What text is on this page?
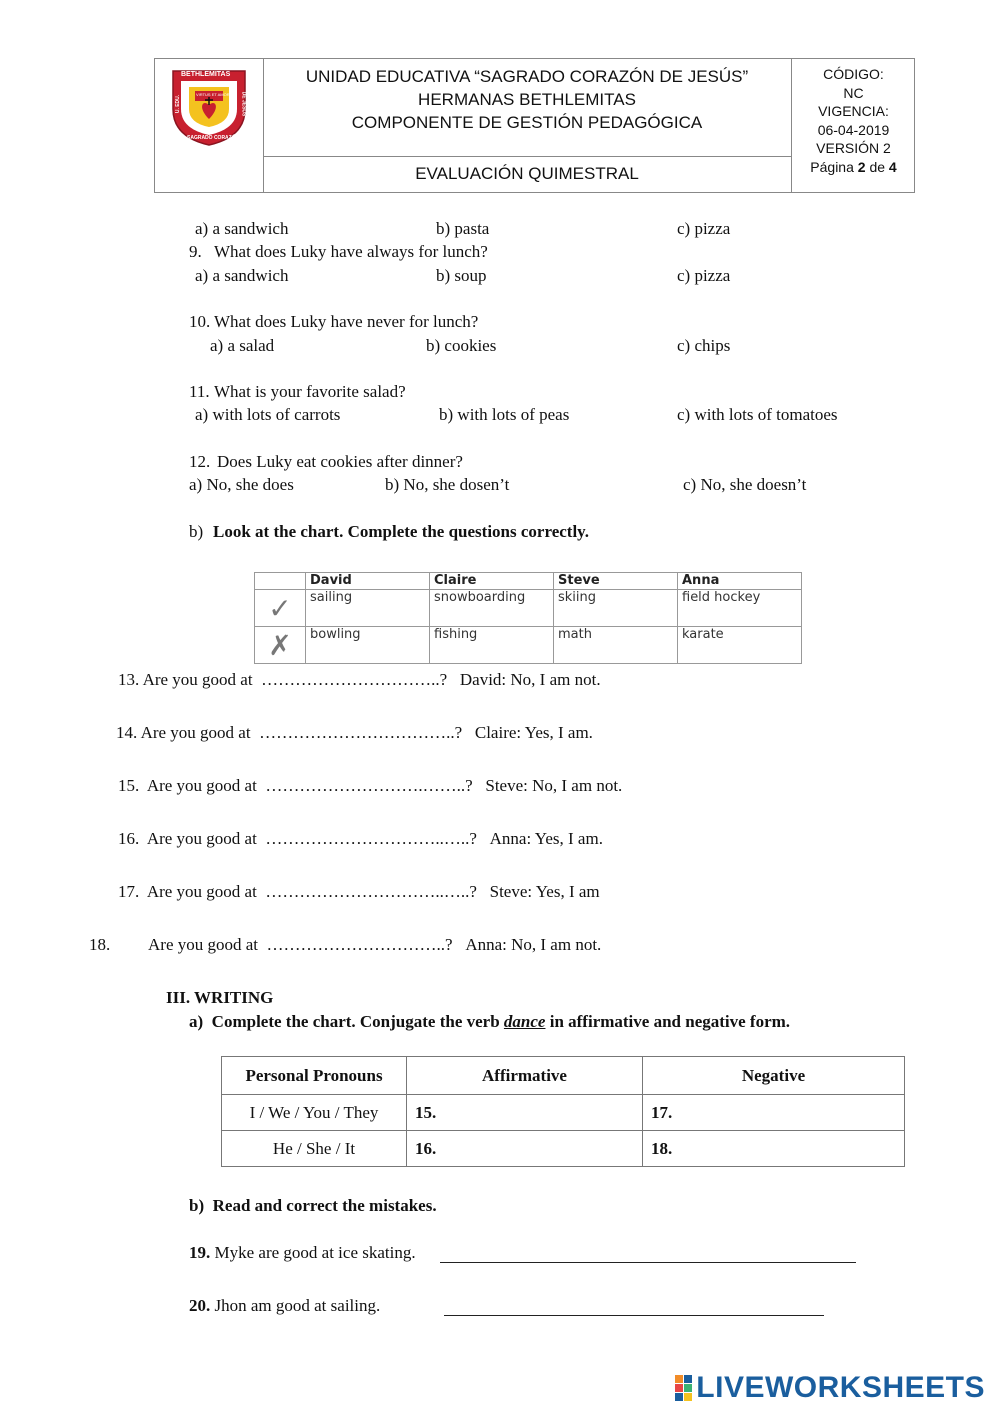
BETHLEMITAS
VIRTUS ET AMORIS
U. EDU.	DE JESUS
SAGRADO CORAZÓN
UNIDAD EDUCATIVA “SAGRADO CORAZÓN DE JESÚS”
HERMANAS BETHLEMITAS
COMPONENTE DE GESTIÓN PEDAGÓGICA
EVALUACIÓN QUIMESTRAL
CÓDIGO:
NC
VIGENCIA:
06-04-2019
VERSIÓN 2
Página 2 de 4
a) a sandwich	b) pasta	c) pizza
9. What does Luky have always for lunch?
a) a sandwich	b) soup	c) pizza
10. What does Luky have never for lunch?
a) a salad	b) cookies	c) chips
11. What is your favorite salad?
a) with lots of carrots	b) with lots of peas	c) with lots of tomatoes
12. Does Luky eat cookies after dinner?
a) No, she does	b) No, she dosen’t	c) No, she doesn’t
b) Look at the chart. Complete the questions correctly.
	David	Claire	Steve	Anna
✓	sailing	snowboarding	skiing	field hockey
✗	bowling	fishing	math	karate
13. Are you good at …………………………..? David: No, I am not.
14. Are you good at ……………………………..? Claire: Yes, I am.
15. Are you good at ……………………….……..? Steve: No, I am not.
16. Are you good at …………………………..…..? Anna: Yes, I am.
17. Are you good at …………………………..…..? Steve: Yes, I am
18. Are you good at …………………………..? Anna: No, I am not.
III. WRITING
a) Complete the chart. Conjugate the verb dance in affirmative and negative form.
Personal Pronouns	Affirmative	Negative
I / We / You / They	15.	17.
He / She / It	16.	18.
b) Read and correct the mistakes.
19. Myke are good at ice skating.
20. Jhon am good at sailing.
LIVEWORKSHEETS
